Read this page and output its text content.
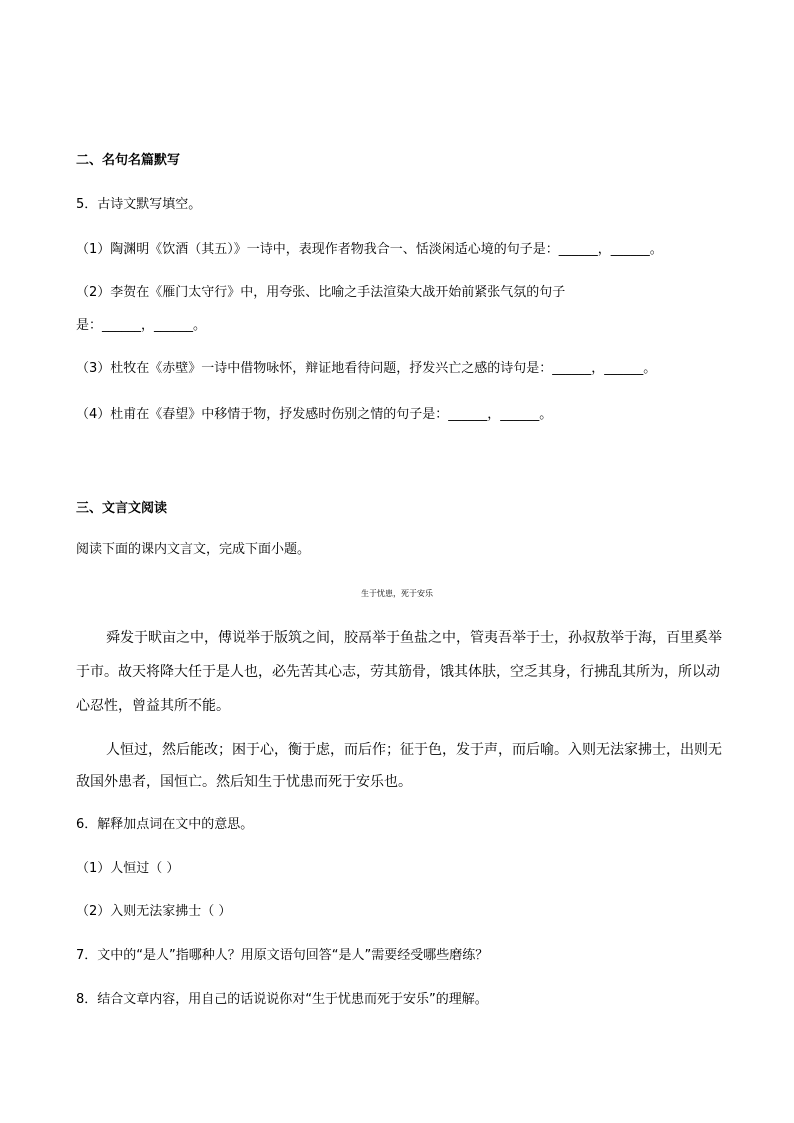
二、名句名篇默写
5．古诗文默写填空。
（1）陶渊明《饮酒（其五）》一诗中，表现作者物我合一、恬淡闲适心境的句子是：______，______。
（2）李贺在《雁门太守行》中，用夸张、比喻之手法渲染大战开始前紧张气氛的句子
是：______，______。
（3）杜牧在《赤壁》一诗中借物咏怀，辩证地看待问题，抒发兴亡之感的诗句是：______，______。
（4）杜甫在《春望》中移情于物，抒发感时伤别之情的句子是：______，______。
三、文言文阅读
阅读下面的课内文言文，完成下面小题。
生于忧患，死于安乐
舜发于畎亩之中，傅说举于版筑之间，胶鬲举于鱼盐之中，管夷吾举于士，孙叔敖举于海，百里奚举
于市。故天将降大任于是人也，必先苦其心志，劳其筋骨，饿其体肤，空乏其身，行拂乱其所为，所以动
心忍性，曾益其所不能。
人恒过，然后能改；困于心，衡于虑，而后作；征于色，发于声，而后喻。入则无法家拂士，出则无
敌国外患者，国恒亡。然后知生于忧患而死于安乐也。
6．解释加点词在文中的意思。
（1）人恒过（ ）
（2）入则无法家拂士（ ）
7．文中的“是人”指哪种人？用原文语句回答“是人”需要经受哪些磨练？
8．结合文章内容，用自己的话说说你对“生于忧患而死于安乐”的理解。
